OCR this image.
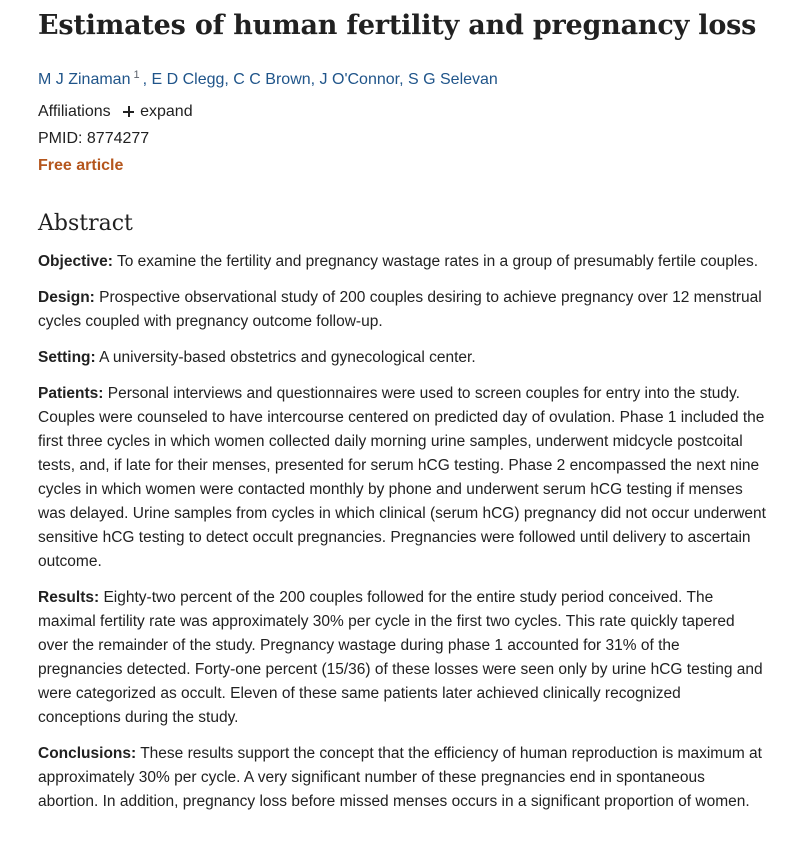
Estimates of human fertility and pregnancy loss
M J Zinaman $^1$ , E D Clegg, C C Brown, J O'Connor, S G Selevan
Affiliations expand
PMID: 8774277
Free article
Abstract

Objective: To examine the fertility and pregnancy wastage rates in a group of presumably fertile couples.

Design: Prospective observational study of 200 couples desiring to achieve pregnancy over 12 menstrual cycles coupled with pregnancy outcome follow-up.

Setting: A university-based obstetrics and gynecological center.

Patients: Personal interviews and questionnaires were used to screen couples for entry into the study. Couples were counseled to have intercourse centered on predicted day of ovulation. Phase 1 included the first three cycles in which women collected daily morning urine samples, underwent midcycle postcoital tests, and, if late for their menses, presented for serum hCG testing. Phase 2 encompassed the next nine cycles in which women were contacted monthly by phone and underwent serum hCG testing if menses was delayed. Urine samples from cycles in which clinical (serum hCG) pregnancy did not occur underwent sensitive hCG testing to detect occult pregnancies. Pregnancies were followed until delivery to ascertain outcome.

Results: Eighty-two percent of the 200 couples followed for the entire study period conceived. The maximal fertility rate was approximately 30% per cycle in the first two cycles. This rate quickly tapered over the remainder of the study. Pregnancy wastage during phase 1 accounted for 31% of the pregnancies detected. Forty-one percent (15/36) of these losses were seen only by urine hCG testing and were categorized as occult. Eleven of these same patients later achieved clinically recognized conceptions during the study.

Conclusions: These results support the concept that the efficiency of human reproduction is maximum at approximately 30% per cycle. A very significant number of these pregnancies end in spontaneous abortion. In addition, pregnancy loss before missed menses occurs in a significant proportion of women.
